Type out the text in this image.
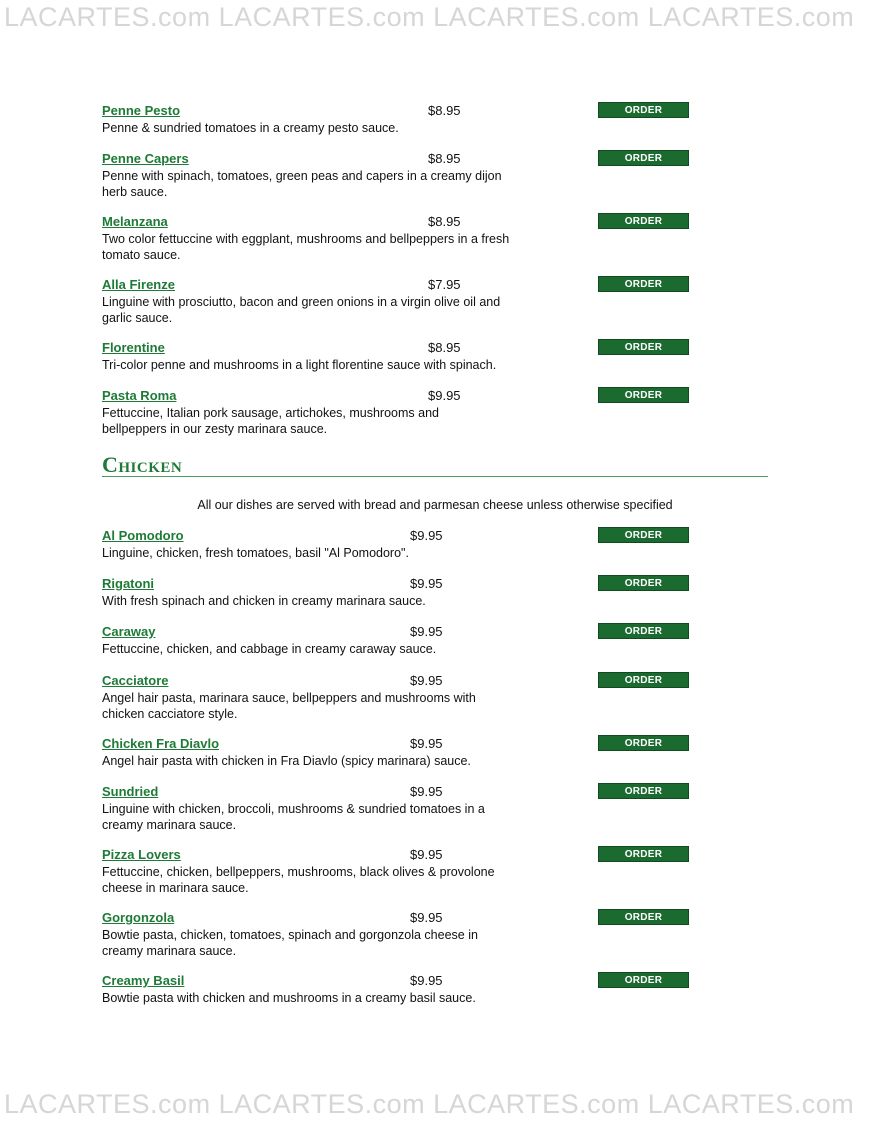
LACARTES.com LACARTES.com LACARTES.com LACARTES.com
Penne Pesto	$8.95	ORDER
Penne & sundried tomatoes in a creamy pesto sauce.
Penne Capers	$8.95	ORDER
Penne with spinach, tomatoes, green peas and capers in a creamy dijon herb sauce.
Melanzana	$8.95	ORDER
Two color fettuccine with eggplant, mushrooms and bellpeppers in a fresh tomato sauce.
Alla Firenze	$7.95	ORDER
Linguine with prosciutto, bacon and green onions in a virgin olive oil and garlic sauce.
Florentine	$8.95	ORDER
Tri-color penne and mushrooms in a light florentine sauce with spinach.
Pasta Roma	$9.95	ORDER
Fettuccine, Italian pork sausage, artichokes, mushrooms and bellpeppers in our zesty marinara sauce.
Chicken
All our dishes are served with bread and parmesan cheese unless otherwise specified
Al Pomodoro	$9.95	ORDER
Linguine, chicken, fresh tomatoes, basil "Al Pomodoro".
Rigatoni	$9.95	ORDER
With fresh spinach and chicken in creamy marinara sauce.
Caraway	$9.95	ORDER
Fettuccine, chicken, and cabbage in creamy caraway sauce.
Cacciatore	$9.95	ORDER
Angel hair pasta, marinara sauce, bellpeppers and mushrooms with chicken cacciatore style.
Chicken Fra Diavlo	$9.95	ORDER
Angel hair pasta with chicken in Fra Diavlo (spicy marinara) sauce.
Sundried	$9.95	ORDER
Linguine with chicken, broccoli, mushrooms & sundried tomatoes in a creamy marinara sauce.
Pizza Lovers	$9.95	ORDER
Fettuccine, chicken, bellpeppers, mushrooms, black olives & provolone cheese in marinara sauce.
Gorgonzola	$9.95	ORDER
Bowtie pasta, chicken, tomatoes, spinach and gorgonzola cheese in creamy marinara sauce.
Creamy Basil	$9.95	ORDER
Bowtie pasta with chicken and mushrooms in a creamy basil sauce.
LACARTES.com LACARTES.com LACARTES.com LACARTES.com
